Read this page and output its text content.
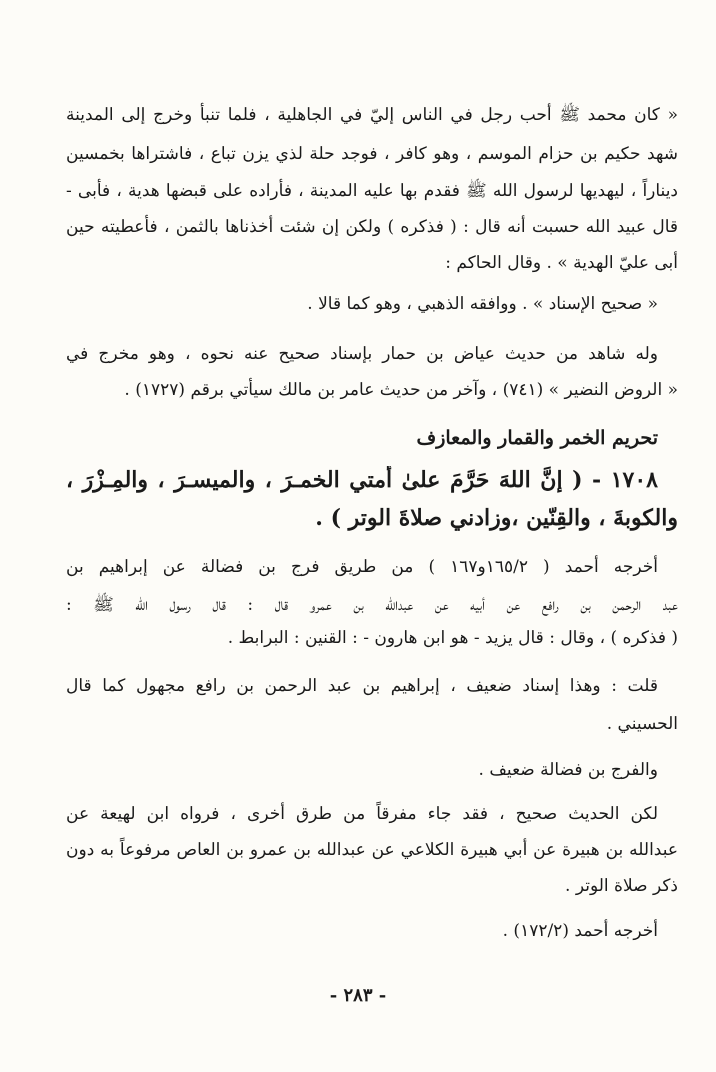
« كان محمد ﷺ أحب رجل في الناس إليّ في الجاهلية ، فلما تنبأ وخرج إلى المدينة
شهد حكيم بن حزام الموسم ، وهو كافر ، فوجد حلة لذي يزن تباع ، فاشتراها بخمسين
ديناراً ، ليهديها لرسول الله ﷺ فقدم بها عليه المدينة ، فأراده على قبضها هدية ، فأبى -
قال عبيد الله حسبت أنه قال : ( فذكره ) ولكن إن شئت أخذناها بالثمن ، فأعطيته حين
أبى عليّ الهدية » . وقال الحاكم :
« صحيح الإسناد » . ووافقه الذهبي ، وهو كما قالا .
وله شاهد من حديث عياض بن حمار بإسناد صحيح عنه نحوه ، وهو مخرج في
« الروض النضير » (٧٤١) ، وآخر من حديث عامر بن مالك سيأتي برقم (١٧٢٧) .
تحريم الخمر والقمار والمعازف
١٧٠٨ - ( إنَّ اللهَ حَرَّمَ علىٰ أمتي الخمـرَ ، والميسـرَ ، والمِـزْرَ ،
والكوبةَ ، والقِنّين ،وزادني صلاةَ الوتر ) .
أخرجه أحمد ( ١٦٥/٢و١٦٧ ) من طريق فرج بن فضالة عن إبراهيم بن
عبد الرحمن بن رافع عن أبيه عن عبدالله بن عمرو قال : قال رسول الله ﷺ :
( فذكره ) ، وقال : قال يزيد - هو ابن هارون - : القنين : البرابط .
قلت : وهذا إسناد ضعيف ، إبراهيم بن عبد الرحمن بن رافع مجهول كما قال
الحسيني .
والفرج بن فضالة ضعيف .
لكن الحديث صحيح ، فقد جاء مفرقاً من طرق أخرى ، فرواه ابن لهيعة عن
عبدالله بن هبيرة عن أبي هبيرة الكلاعي عن عبدالله بن عمرو بن العاص مرفوعاً به دون
ذكر صلاة الوتر .
أخرجه أحمد (١٧٢/٢) .
- ٢٨٣ -
